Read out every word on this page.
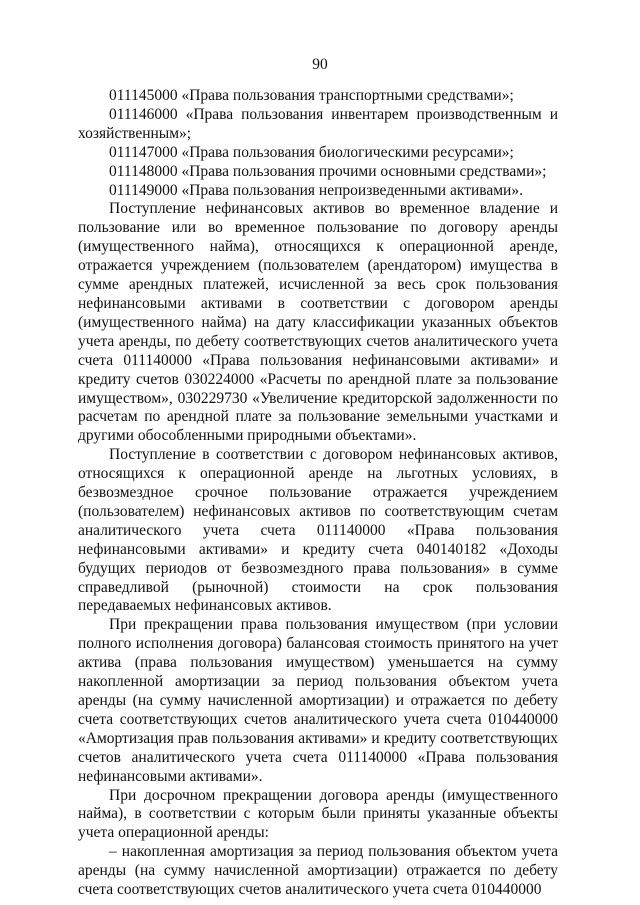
90

011145000 «Права пользования транспортными средствами»;

011146000 «Права пользования инвентарем производственным и хозяйственным»;

011147000 «Права пользования биологическими ресурсами»;

011148000 «Права пользования прочими основными средствами»;

011149000 «Права пользования непроизведенными активами».

Поступление нефинансовых активов во временное владение и пользование или во временное пользование по договору аренды (имущественного найма), относящихся к операционной аренде, отражается учреждением (пользователем (арендатором) имущества в сумме арендных платежей, исчисленной за весь срок пользования нефинансовыми активами в соответствии с договором аренды (имущественного найма) на дату классификации указанных объектов учета аренды, по дебету соответствующих счетов аналитического учета счета 011140000 «Права пользования нефинансовыми активами» и кредиту счетов 030224000 «Расчеты по арендной плате за пользование имуществом», 030229730 «Увеличение кредиторской задолженности по расчетам по арендной плате за пользование земельными участками и другими обособленными природными объектами».

Поступление в соответствии с договором нефинансовых активов, относящихся к операционной аренде на льготных условиях, в безвозмездное срочное пользование отражается учреждением (пользователем) нефинансовых активов по соответствующим счетам аналитического учета счета 011140000 «Права пользования нефинансовыми активами» и кредиту счета 040140182 «Доходы будущих периодов от безвозмездного права пользования» в сумме справедливой (рыночной) стоимости на срок пользования передаваемых нефинансовых активов.

При прекращении права пользования имуществом (при условии полного исполнения договора) балансовая стоимость принятого на учет актива (права пользования имуществом) уменьшается на сумму накопленной амортизации за период пользования объектом учета аренды (на сумму начисленной амортизации) и отражается по дебету счета соответствующих счетов аналитического учета счета 010440000 «Амортизация прав пользования активами» и кредиту соответствующих счетов аналитического учета счета 011140000 «Права пользования нефинансовыми активами».

При досрочном прекращении договора аренды (имущественного найма), в соответствии с которым были приняты указанные объекты учета операционной аренды:

– накопленная амортизация за период пользования объектом учета аренды (на сумму начисленной амортизации) отражается по дебету счета соответствующих счетов аналитического учета счета 010440000
